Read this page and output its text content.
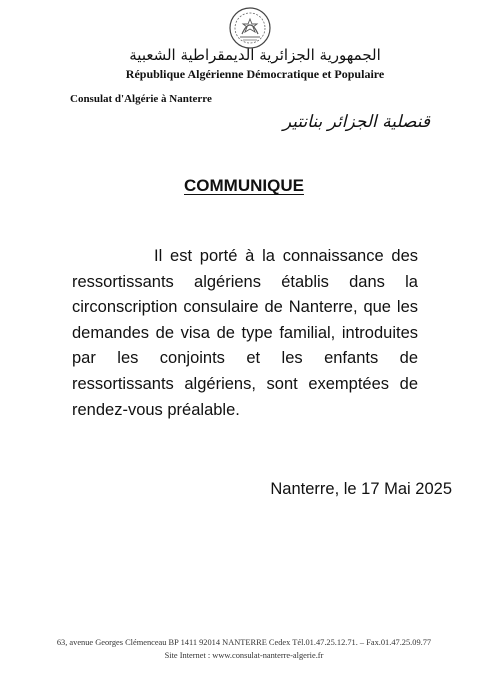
الجمهورية الجزائرية الديمقراطية الشعبية
République Algérienne Démocratique et Populaire
Consulat d'Algérie à Nanterre
قنصلية الجزائر بنانتير
COMMUNIQUE
Il est porté à la connaissance des ressortissants algériens établis dans la circonscription consulaire de Nanterre, que les demandes de visa de type familial, introduites par les conjoints et les enfants de ressortissants algériens, sont exemptées de rendez-vous préalable.
Nanterre, le 17 Mai 2025
63, avenue Georges Clémenceau BP 1411 92014 NANTERRE Cedex Tél.01.47.25.12.71. – Fax.01.47.25.09.77
Site Internet : www.consulat-nanterre-algerie.fr
